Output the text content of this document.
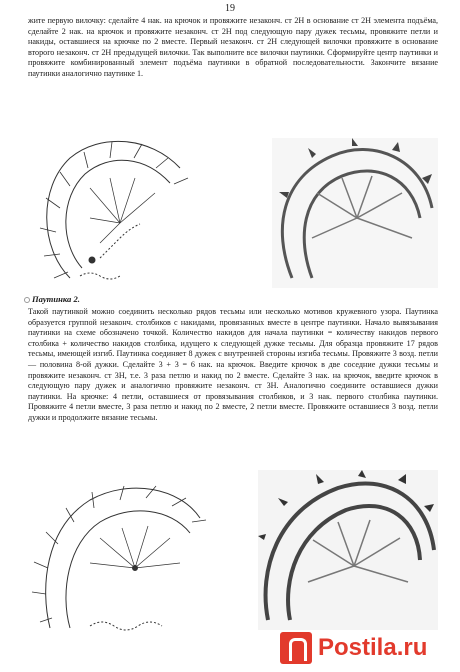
19

жите первую вилочку: сделайте 4 нак. на крючок и провяжите незаконч. ст 2Н в основание ст 2Н элемента подъёма, сделайте 2 нак. на крючок и провяжите незаконч. ст 2Н под следующую пару дужек тесьмы, провяжите петли и накиды, оставшиеся на крючке по 2 вместе. Первый незаконч. ст 2Н следующей вилочки провяжите в основание второго незаконч. ст 2Н предыдущей вилочки. Так выполните все вилочки паутинки. Сформируйте центр паутинки и провяжите комбинированный элемент подъёма паутинки в обратной последовательности. Закончите вязание паутинки аналогично паутинке 1.

Паутинка 2.

Такой паутинкой можно соединить несколько рядов тесьмы или несколько мотивов кружевного узора. Паутинка образуется группой незаконч. столбиков с накидами, провязанных вместе в центре паутинки. Начало вывязывания паутинки на схеме обозначено точкой. Количество накидов для начала паутинки = количеству накидов первого столбика + количество накидов столбика, идущего к следующей дужке тесьмы. Для образца провяжите 17 рядов тесьмы, имеющей изгиб. Паутинка соединяет 8 дужек с внутренней стороны изгиба тесьмы. Провяжите 3 возд. петли — половина 8-ой дужки. Сделайте 3 + 3 = 6 нак. на крючок. Введите крючок в две соседние дужки тесьмы и провяжите незаконч. ст 3Н, т.е. 3 раза петлю и накид по 2 вместе. Сделайте 3 нак. на крючок, введите крючок в следующую пару дужек и аналогично провяжите незаконч. ст 3Н. Аналогично соедините оставшиеся дужки паутинки. На крючке: 4 петли, оставшиеся от провязывания столбиков, и 3 нак. первого столбика паутинки. Провяжите 4 петли вместе, 3 раза петлю и накид по 2 вместе, 2 петли вместе. Провяжите оставшиеся 3 возд. петли дужки и продолжите вязание тесьмы.

Postila.ru
